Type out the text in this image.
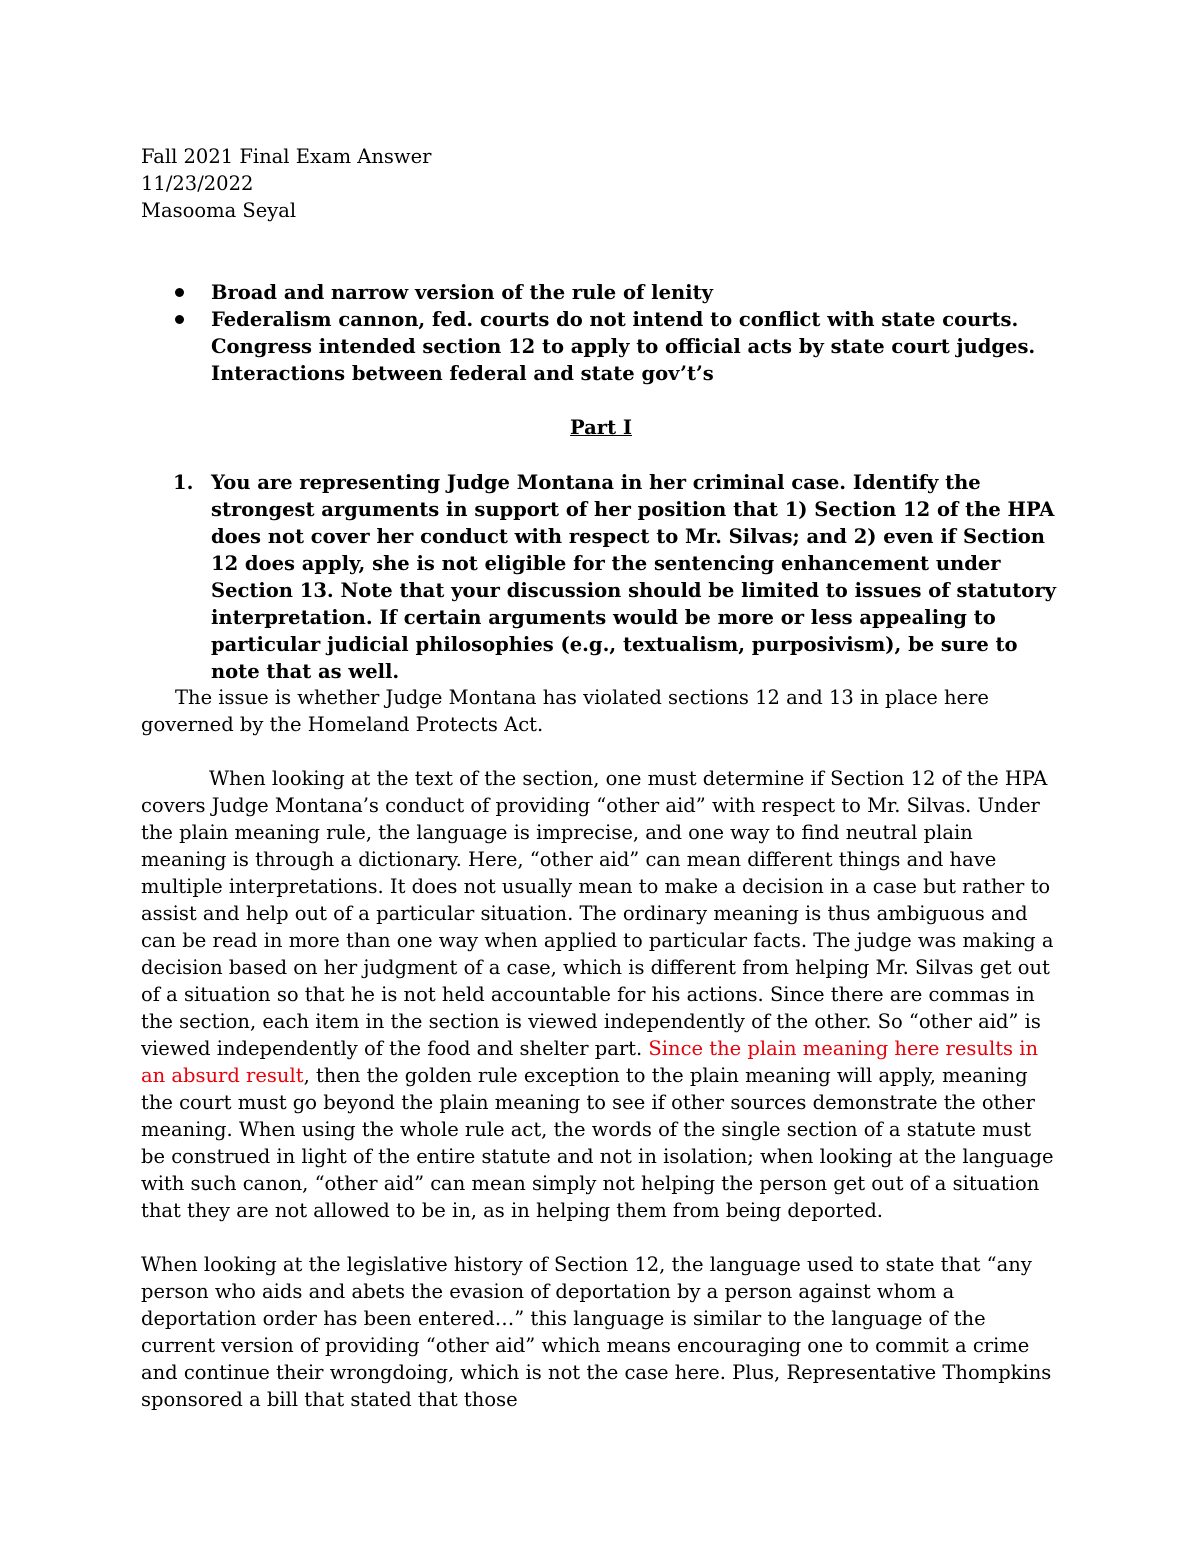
Fall 2021 Final Exam Answer
11/23/2022
Masooma Seyal
Broad and narrow version of the rule of lenity
Federalism cannon, fed. courts do not intend to conflict with state courts. Congress intended section 12 to apply to official acts by state court judges. Interactions between federal and state gov’t’s
Part I
1. You are representing Judge Montana in her criminal case. Identify the strongest arguments in support of her position that 1) Section 12 of the HPA does not cover her conduct with respect to Mr. Silvas; and 2) even if Section 12 does apply, she is not eligible for the sentencing enhancement under Section 13. Note that your discussion should be limited to issues of statutory interpretation. If certain arguments would be more or less appealing to particular judicial philosophies (e.g., textualism, purposivism), be sure to note that as well.

The issue is whether Judge Montana has violated sections 12 and 13 in place here governed by the Homeland Protects Act.

When looking at the text of the section, one must determine if Section 12 of the HPA covers Judge Montana’s conduct of providing “other aid” with respect to Mr. Silvas. Under the plain meaning rule, the language is imprecise, and one way to find neutral plain meaning is through a dictionary. Here, “other aid” can mean different things and have multiple interpretations. It does not usually mean to make a decision in a case but rather to assist and help out of a particular situation. The ordinary meaning is thus ambiguous and can be read in more than one way when applied to particular facts. The judge was making a decision based on her judgment of a case, which is different from helping Mr. Silvas get out of a situation so that he is not held accountable for his actions. Since there are commas in the section, each item in the section is viewed independently of the other. So “other aid” is viewed independently of the food and shelter part. Since the plain meaning here results in an absurd result, then the golden rule exception to the plain meaning will apply, meaning the court must go beyond the plain meaning to see if other sources demonstrate the other meaning. When using the whole rule act, the words of the single section of a statute must be construed in light of the entire statute and not in isolation; when looking at the language with such canon, “other aid” can mean simply not helping the person get out of a situation that they are not allowed to be in, as in helping them from being deported.

When looking at the legislative history of Section 12, the language used to state that “any person who aids and abets the evasion of deportation by a person against whom a deportation order has been entered…” this language is similar to the language of the current version of providing “other aid” which means encouraging one to commit a crime and continue their wrongdoing, which is not the case here. Plus, Representative Thompkins sponsored a bill that stated that those
